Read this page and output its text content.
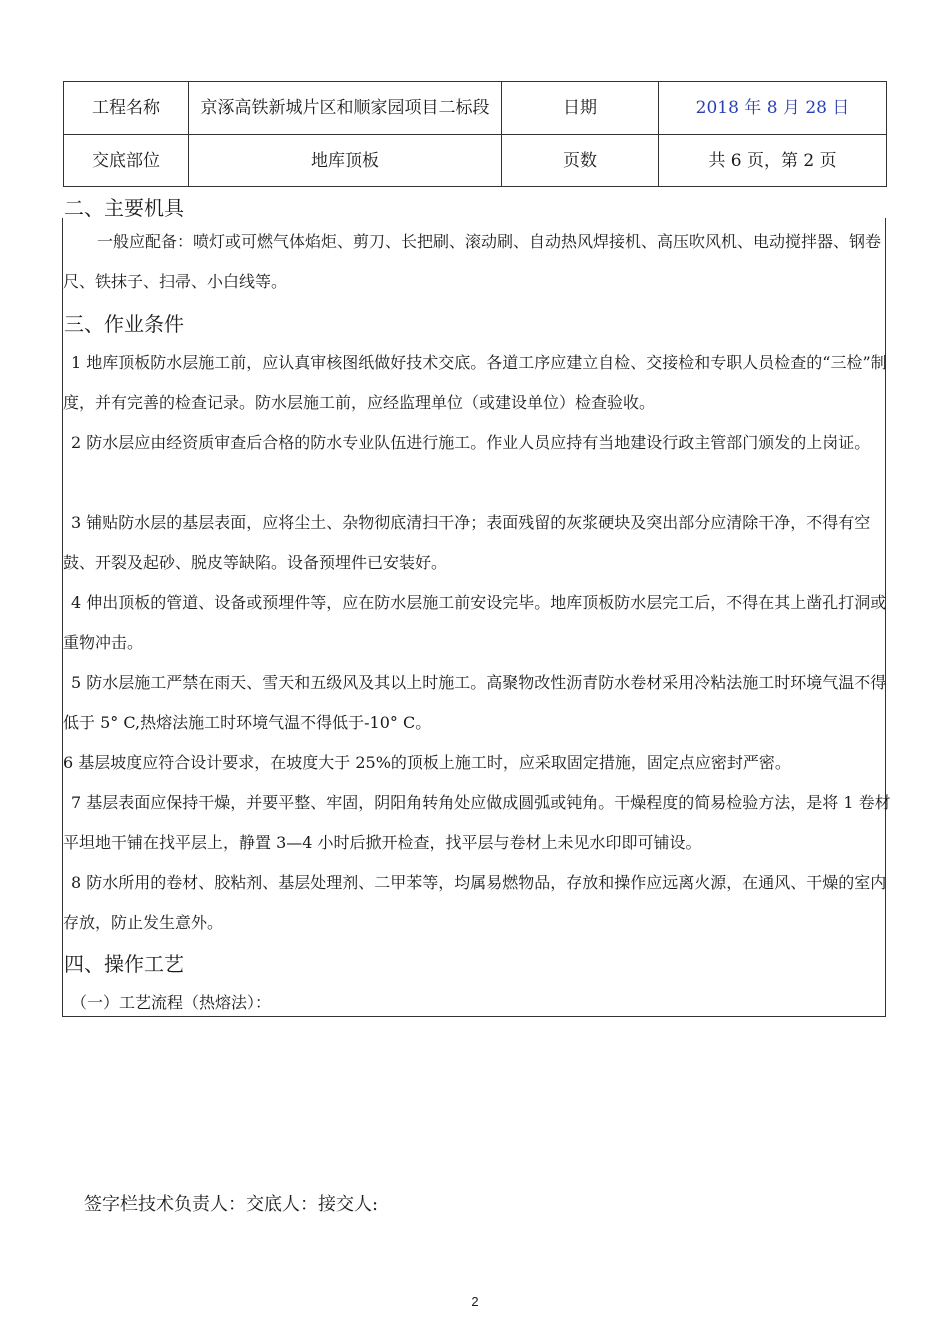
工程名称	京涿高铁新城片区和顺家园项目二标段	日期	2018 年 8 月 28 日
交底部位	地库顶板	页数	共 6 页，第 2 页
二、主要机具

一般应配备：喷灯或可燃气体焰炬、剪刀、长把刷、滚动刷、自动热风焊接机、高压吹风机、电动搅拌器、钢卷尺、铁抹子、扫帚、小白线等。

三、作业条件

1 地库顶板防水层施工前，应认真审核图纸做好技术交底。各道工序应建立自检、交接检和专职人员检查的“三检”制度，并有完善的检查记录。防水层施工前，应经监理单位（或建设单位）检查验收。

2 防水层应由经资质审查后合格的防水专业队伍进行施工。作业人员应持有当地建设行政主管部门颁发的上岗证。

3 铺贴防水层的基层表面，应将尘土、杂物彻底清扫干净；表面残留的灰浆硬块及突出部分应清除干净，不得有空鼓、开裂及起砂、脱皮等缺陷。设备预埋件已安装好。

4 伸出顶板的管道、设备或预埋件等，应在防水层施工前安设完毕。地库顶板防水层完工后，不得在其上凿孔打洞或重物冲击。

5 防水层施工严禁在雨天、雪天和五级风及其以上时施工。高聚物改性沥青防水卷材采用冷粘法施工时环境气温不得低于 5° C,热熔法施工时环境气温不得低于-10° C。

6 基层坡度应符合设计要求，在坡度大于 25%的顶板上施工时，应采取固定措施，固定点应密封严密。

7 基层表面应保持干燥，并要平整、牢固，阴阳角转角处应做成圆弧或钝角。干燥程度的简易检验方法，是将 1 卷材平坦地干铺在找平层上，静置 3—4 小时后掀开检查，找平层与卷材上未见水印即可铺设。

8 防水所用的卷材、胶粘剂、基层处理剂、二甲苯等，均属易燃物品，存放和操作应远离火源，在通风、干燥的室内存放，防止发生意外。

四、操作工艺

（一）工艺流程（热熔法）：

签字栏技术负责人：交底人：接交人:
2
